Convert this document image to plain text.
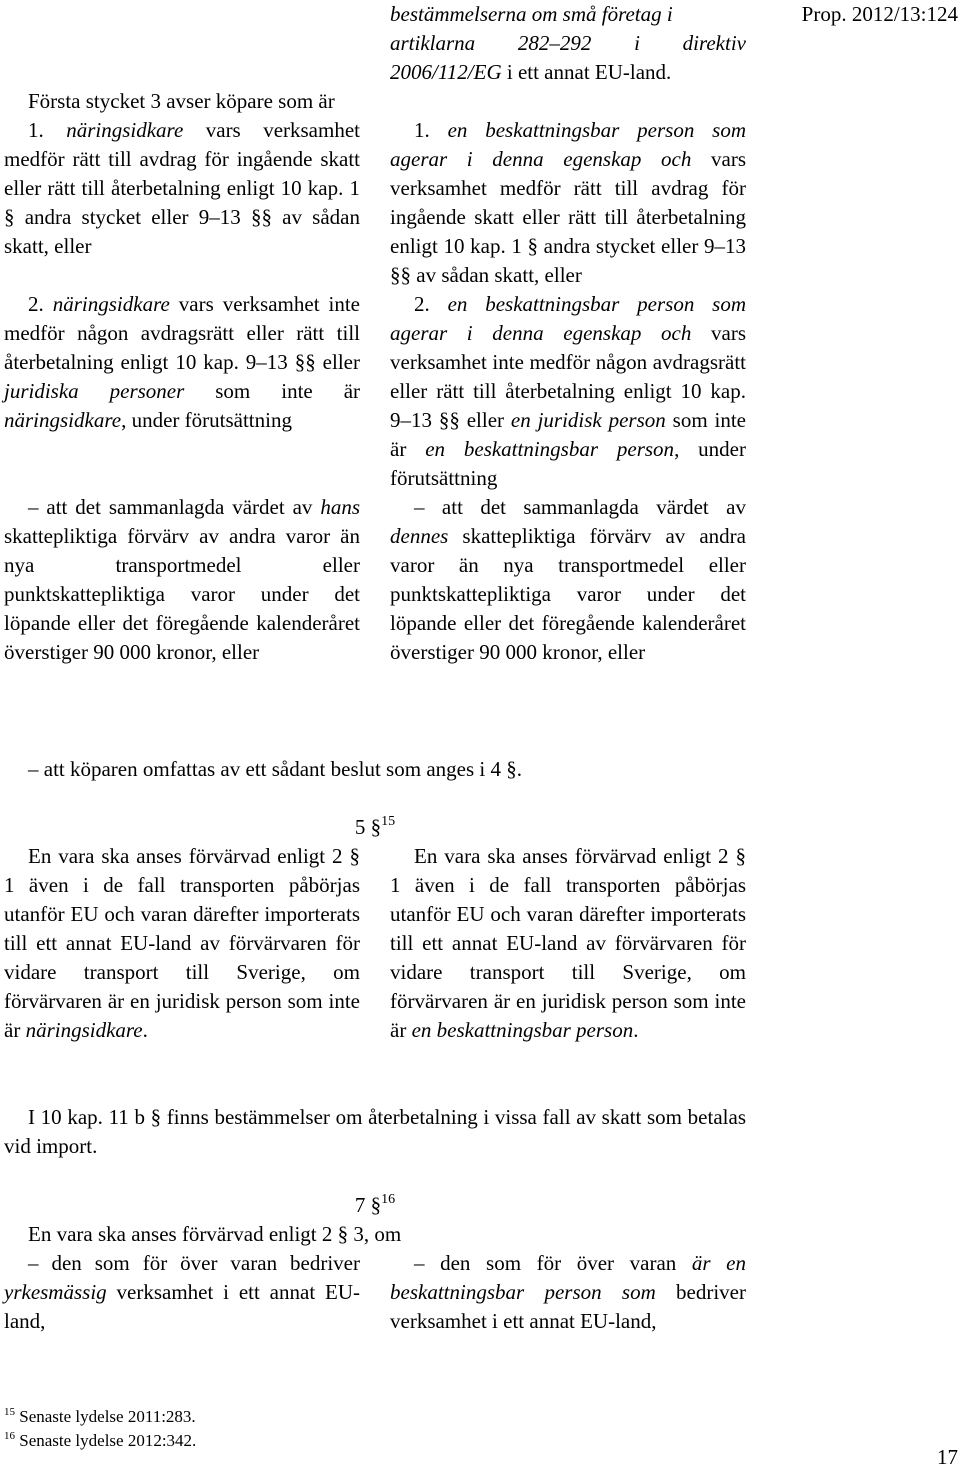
Prop. 2012/13:124
bestämmelserna om små företag i
artiklarna 282–292 i direktiv
2006/112/EG i ett annat EU-land.
Första stycket 3 avser köpare som är

1. näringsidkare vars verksamhet medför rätt till avdrag för ingående skatt eller rätt till återbetalning enligt 10 kap. 1 § andra stycket eller 9–13 §§ av sådan skatt, eller

2. näringsidkare vars verksamhet inte medför någon avdragsrätt eller rätt till återbetalning enligt 10 kap. 9–13 §§ eller juridiska personer som inte är näringsidkare, under förutsättning

– att det sammanlagda värdet av hans skattepliktiga förvärv av andra varor än nya transportmedel eller punktskattepliktiga varor under det löpande eller det föregående kalenderåret överstiger 90 000 kronor, eller

1. en beskattningsbar person som agerar i denna egenskap och vars verksamhet medför rätt till avdrag för ingående skatt eller rätt till återbetalning enligt 10 kap. 1 § andra stycket eller 9–13 §§ av sådan skatt, eller

2. en beskattningsbar person som agerar i denna egenskap och vars verksamhet inte medför någon avdragsrätt eller rätt till återbetalning enligt 10 kap. 9–13 §§ eller en juridisk person som inte är en beskattningsbar person, under förutsättning

– att det sammanlagda värdet av dennes skattepliktiga förvärv av andra varor än nya transportmedel eller punktskattepliktiga varor under det löpande eller det föregående kalenderåret överstiger 90 000 kronor, eller

– att köparen omfattas av ett sådant beslut som anges i 4 §.
5 §$^{15}$

En vara ska anses förvärvad enligt 2 § 1 även i de fall transporten påbörjas utanför EU och varan därefter importerats till ett annat EU-land av förvärvaren för vidare transport till Sverige, om förvärvaren är en juridisk person som inte är näringsidkare.

En vara ska anses förvärvad enligt 2 § 1 även i de fall transporten påbörjas utanför EU och varan därefter importerats till ett annat EU-land av förvärvaren för vidare transport till Sverige, om förvärvaren är en juridisk person som inte är en beskattningsbar person.

I 10 kap. 11 b § finns bestämmelser om återbetalning i vissa fall av skatt som betalas vid import.
7 §$^{16}$
En vara ska anses förvärvad enligt 2 § 3, om

– den som för över varan bedriver yrkesmässig verksamhet i ett annat EU-land,

– den som för över varan är en beskattningsbar person som bedriver verksamhet i ett annat EU-land,

$^{15}$ Senaste lydelse 2011:283.
$^{16}$ Senaste lydelse 2012:342.
17
